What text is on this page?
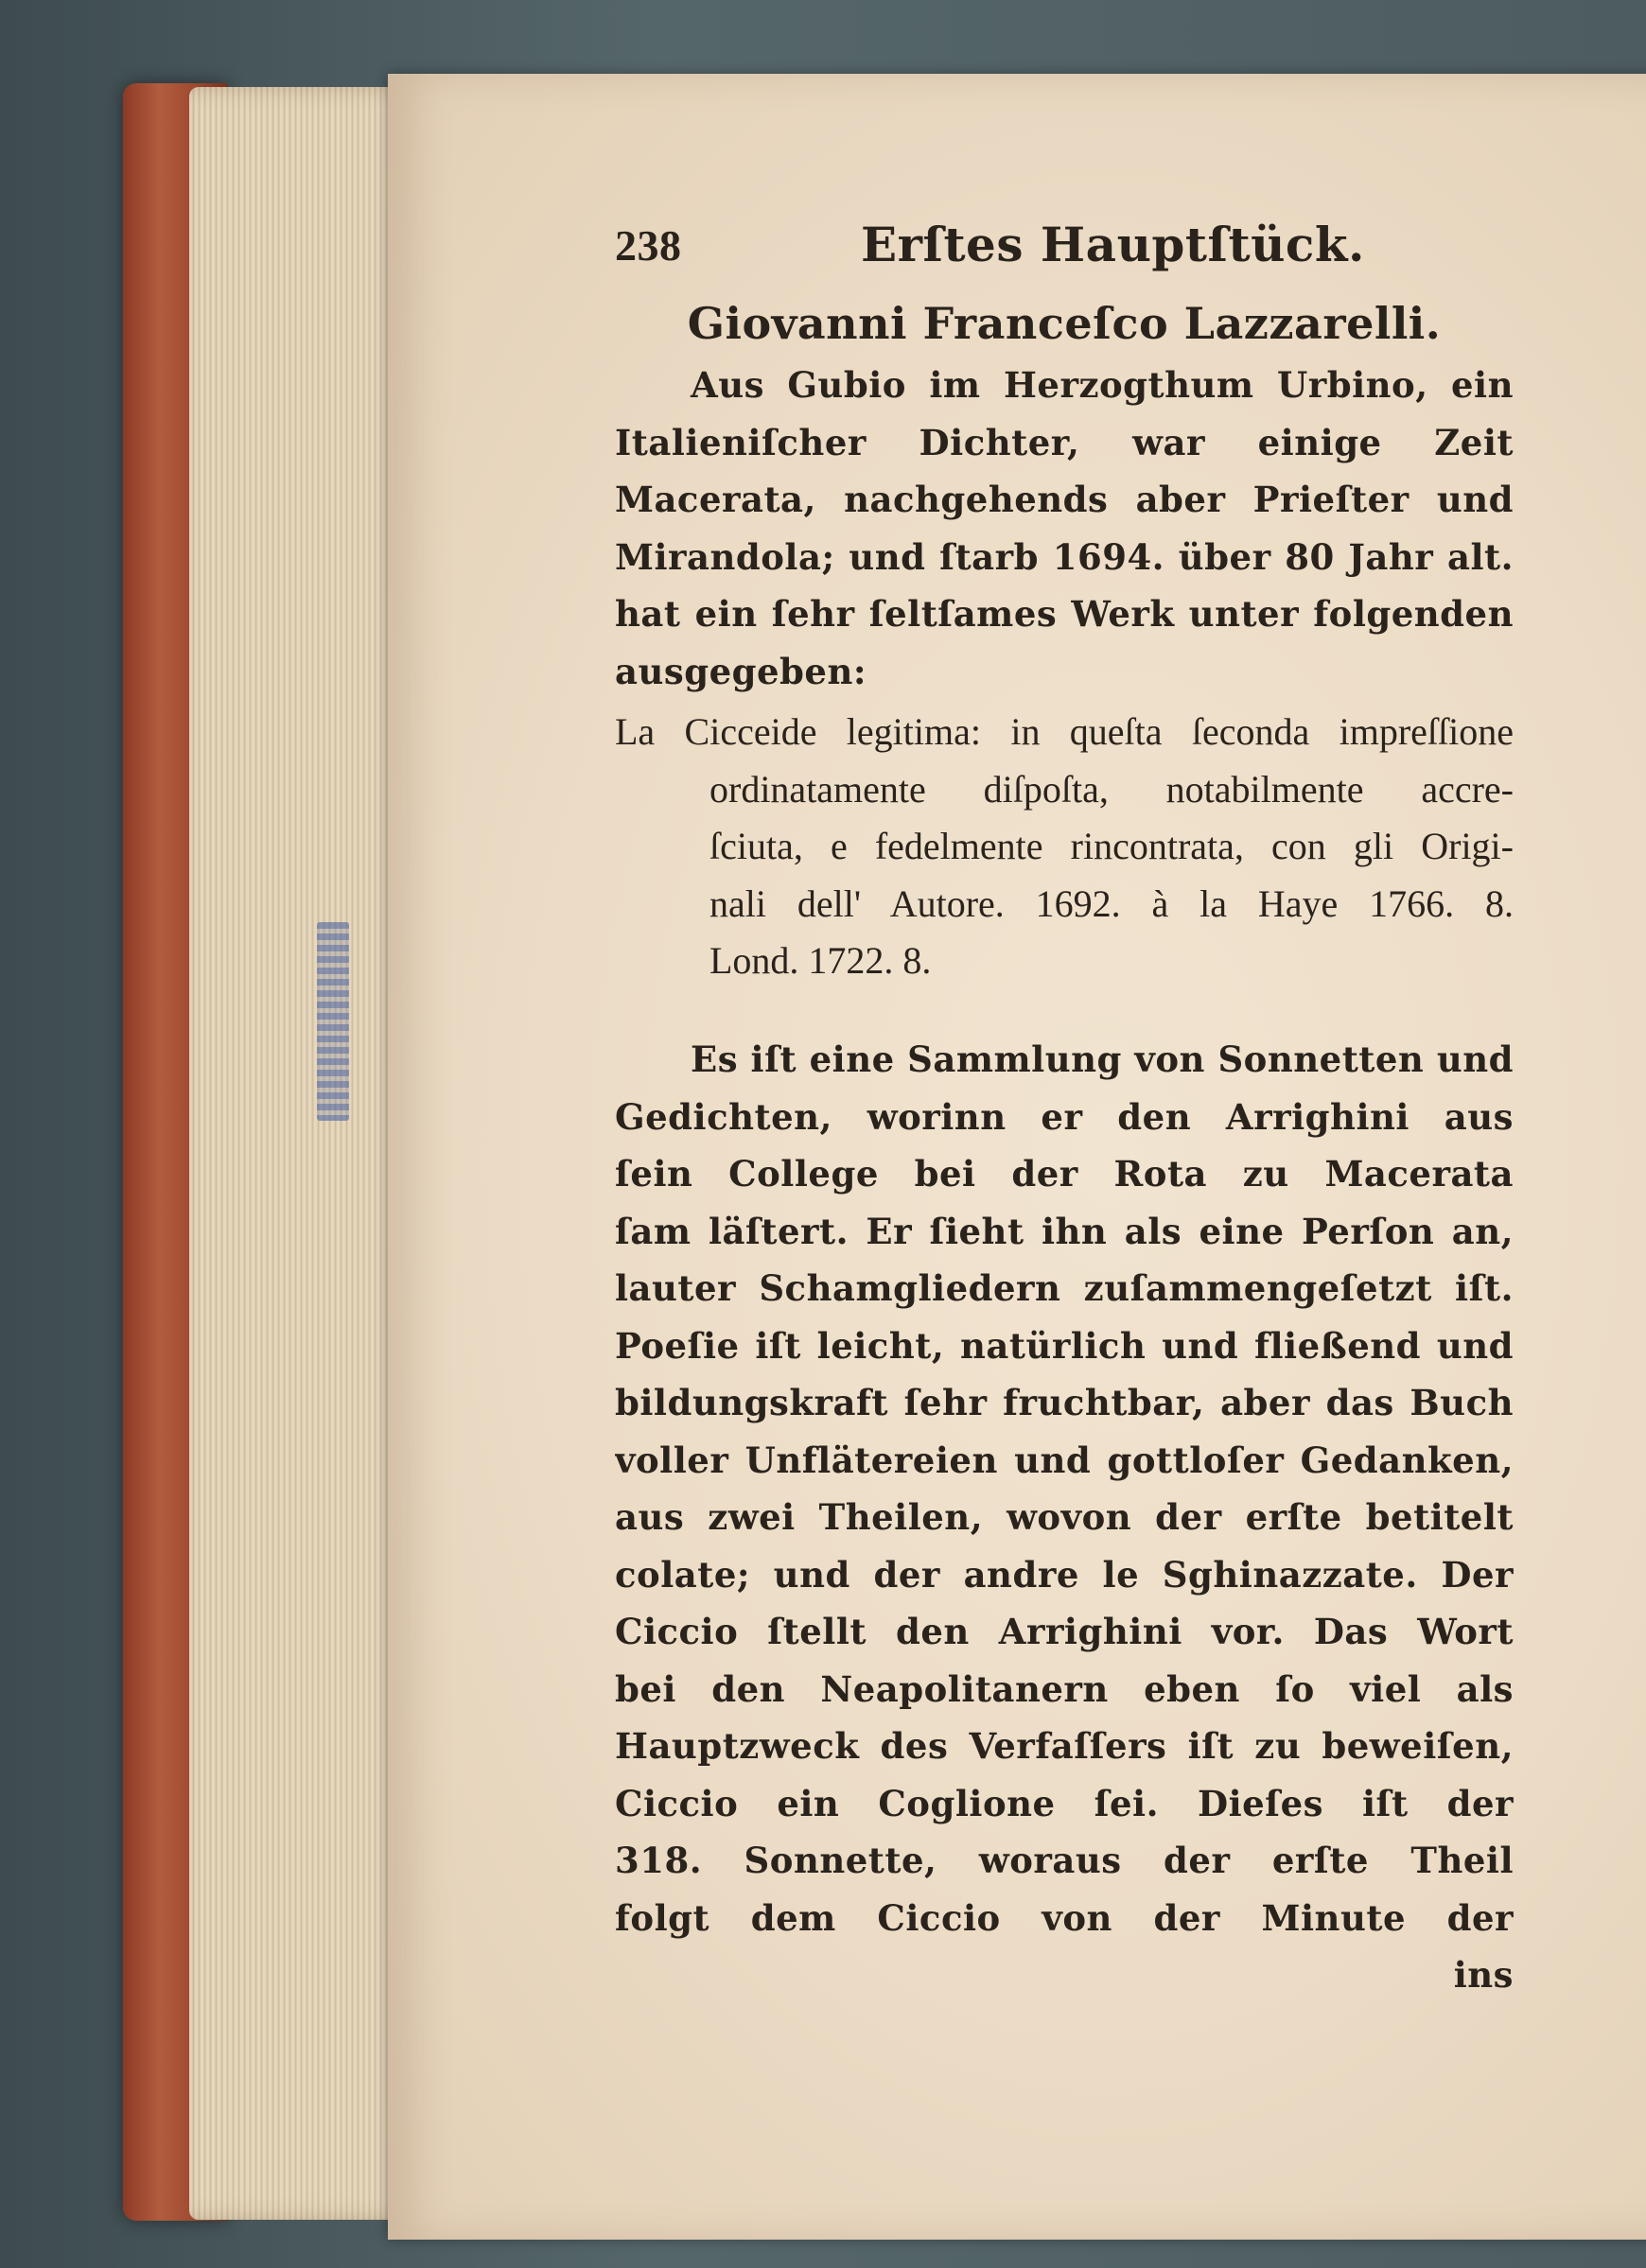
238	Erſtes Hauptſtück.
Giovanni Franceſco Lazzarelli.
Aus Gubio im Herzogthum Urbino, ein
Italieniſcher Dichter, war einige Zeit
Macerata, nachgehends aber Prieſter und
Mirandola; und ſtarb 1694. über 80 Jahr alt.
hat ein ſehr ſeltſames Werk unter folgenden
ausgegeben:
La Cicceide legitima: in queſta ſeconda impreſſione
ordinatamente diſpoſta, notabilmente accre-
ſciuta, e fedelmente rincontrata, con gli Origi-
nali dell' Autore. 1692. à la Haye 1766. 8.
Lond. 1722. 8.
Es iſt eine Sammlung von Sonnetten und
Gedichten, worinn er den Arrighini aus
ſein College bei der Rota zu Macerata
ſam läſtert. Er ſieht ihn als eine Perſon an,
lauter Schamgliedern zuſammengeſetzt iſt.
Poeſie iſt leicht, natürlich und fließend und
bildungskraft ſehr fruchtbar, aber das Buch
voller Unflätereien und gottloſer Gedanken,
aus zwei Theilen, wovon der erſte betitelt
colate; und der andre le Sghinazzate. Der
Ciccio ſtellt den Arrighini vor. Das Wort
bei den Neapolitanern eben ſo viel als
Hauptzweck des Verfaſſers iſt zu beweiſen,
Ciccio ein Coglione ſei. Dieſes iſt der
318. Sonnette, woraus der erſte Theil
folgt dem Ciccio von der Minute der
ins
